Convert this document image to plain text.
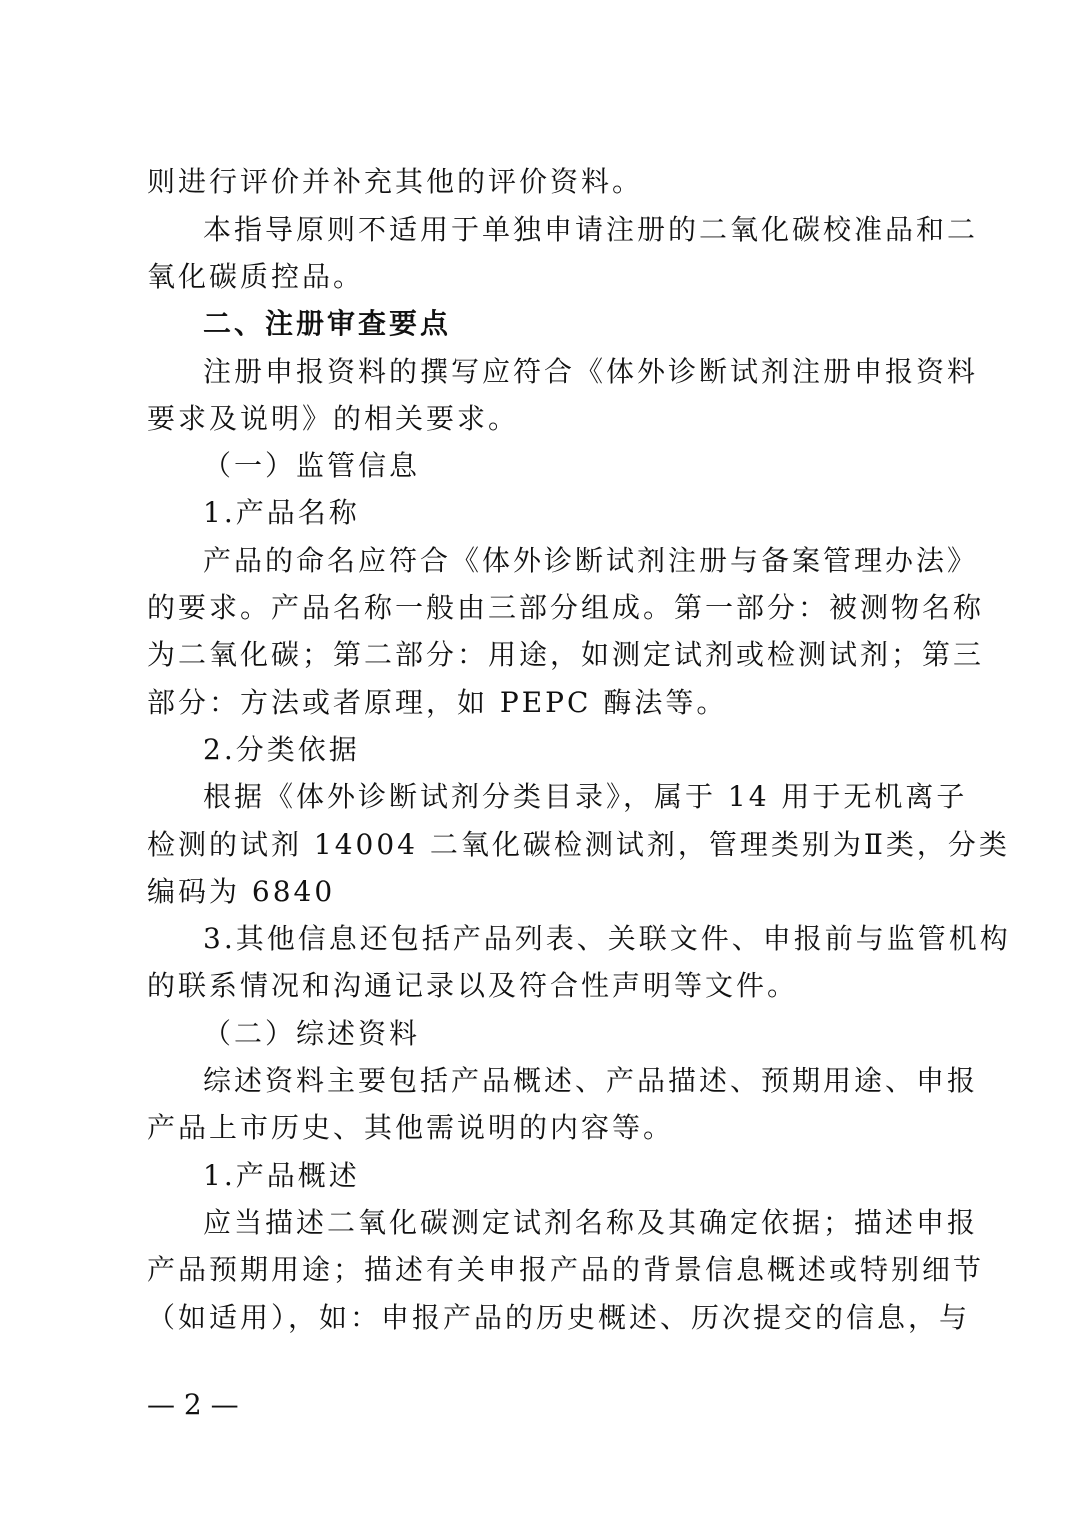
则进行评价并补充其他的评价资料。
本指导原则不适用于单独申请注册的二氧化碳校准品和二
氧化碳质控品。
二、注册审查要点
注册申报资料的撰写应符合《体外诊断试剂注册申报资料
要求及说明》的相关要求。
（一）监管信息
1.产品名称
产品的命名应符合《体外诊断试剂注册与备案管理办法》
的要求。产品名称一般由三部分组成。第一部分：被测物名称
为二氧化碳；第二部分：用途，如测定试剂或检测试剂；第三
部分：方法或者原理，如 PEPC 酶法等。
2.分类依据
根据《体外诊断试剂分类目录》，属于 14 用于无机离子
检测的试剂 14004 二氧化碳检测试剂，管理类别为Ⅱ类，分类
编码为 6840
3.其他信息还包括产品列表、关联文件、申报前与监管机构
的联系情况和沟通记录以及符合性声明等文件。
（二）综述资料
综述资料主要包括产品概述、产品描述、预期用途、申报
产品上市历史、其他需说明的内容等。
1.产品概述
应当描述二氧化碳测定试剂名称及其确定依据；描述申报
产品预期用途；描述有关申报产品的背景信息概述或特别细节
（如适用），如：申报产品的历史概述、历次提交的信息，与
— 2 —
